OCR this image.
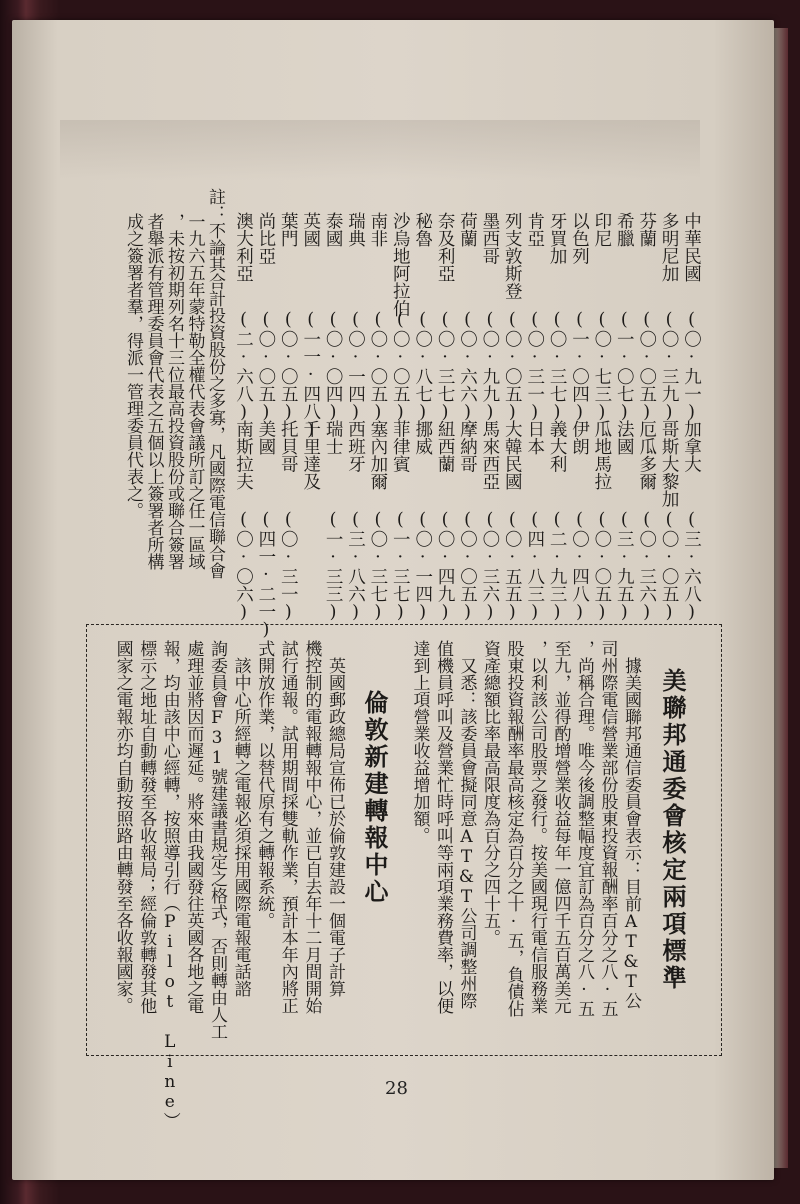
美聯邦通委會核定兩項標準
倫敦新建轉報中心
28
中華民國
(〇·九一)
加拿大
(三·六八)
多明尼加
(〇·三九)
哥斯大黎加
(〇·〇五)
芬蘭
(〇·〇五)
厄瓜多爾
(〇·三六)
希臘
(一·〇七)
法國
(三·九五)
印尼
(〇·七三)
瓜地馬拉
(〇·〇五)
以色列
(一·〇四)
伊朗
(〇·四八)
牙買加
(〇·三七)
義大利
(二·九三)
肯亞
(〇·三一)
日本
(四·八三)
列支敦斯登
(〇·〇五)
大韓民國
(〇·五五)
墨西哥
(〇·九九)
馬來西亞
(〇·三六)
荷蘭
(〇·六六)
摩納哥
(〇·〇五)
奈及利亞
(〇·三七)
紐西蘭
(〇·四九)
秘魯
(〇·八七)
挪威
(〇·一四)
沙烏地阿拉伯
(〇·〇五)
菲律賓
(一·三七)
南非
(〇·〇五)
塞內加爾
(〇·三七)
瑞典
(〇·一四)
西班牙
(三·八六)
泰國
(〇·〇四)
瑞士
(一·三三)
英國
(一一·四八)
千里達及
葉門
(〇·〇五)
托貝哥
(〇·三一)
尚比亞
(〇·〇五)
美國
(四一·二一)
澳大利亞
(二·六八)
南斯拉夫
(〇·〇六)
註：不論其合計投資股份之多寡，凡國際電信聯合會
　一九六五年蒙特勒全權代表會議所訂之任一區域
　，未按初期列名十三位最高投資股份或聯合簽署
　者舉派有管理委員會代表之五個以上簽署者所構
　成之簽署者羣，得派一管理委員代表之。
　據美國聯邦通信委員會表示：目前AT&T公
司州際電信營業部份股東投資報酬率百分之八·五
，尚稱合理。唯今後調整幅度宜訂為百分之八·五
至九，並得酌增營業收益每年一億四千五百萬美元
，以利該公司股票之發行。按美國現行電信服務業
股東投資報酬率最高核定為百分之十·五，負債佔
資產總額比率最高限度為百分之四十五。
　又悉：該委員會擬同意AT&T公司調整州際
值機員呼叫及營業忙時呼叫等兩項業務費率，以便
達到上項營業收益增加額。
　英國郵政總局宣佈已於倫敦建設一個電子計算
機控制的電報轉報中心，並已自去年十二月間開始
試行通報。試用期間採雙軌作業，預計本年內將正
式開放作業，以替代原有之轉報系統。
　該中心所經轉之電報必須採用國際電報電話諮
詢委員會F31號建議書規定之格式，否則轉由人工
處理並將因而遲延。將來由我國發往英國各地之電
報，均由該中心經轉，按照導引行（Pilot Line）
標示之地址自動轉發至各收報局；經倫敦轉發其他
國家之電報亦均自動按照路由轉發至各收報國家。
